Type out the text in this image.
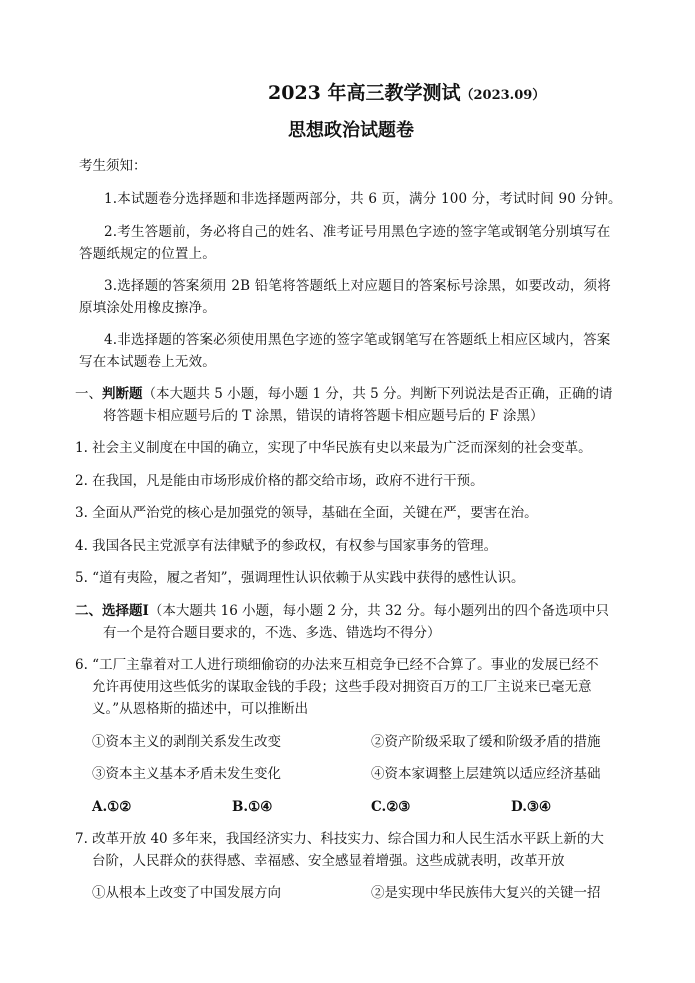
2023 年高三教学测试（2023.09）
思想政治试题卷
考生须知：
1.本试题卷分选择题和非选择题两部分，共 6 页，满分 100 分，考试时间 90 分钟。
2.考生答题前，务必将自己的姓名、准考证号用黑色字迹的签字笔或钢笔分别填写在
答题纸规定的位置上。
3.选择题的答案须用 2B 铅笔将答题纸上对应题目的答案标号涂黑，如要改动，须将
原填涂处用橡皮擦净。
4.非选择题的答案必须使用黑色字迹的签字笔或钢笔写在答题纸上相应区域内，答案
写在本试题卷上无效。
一、判断题（本大题共 5 小题，每小题 1 分，共 5 分。判断下列说法是否正确，正确的请
将答题卡相应题号后的 T 涂黑，错误的请将答题卡相应题号后的 F 涂黑）
1. 社会主义制度在中国的确立，实现了中华民族有史以来最为广泛而深刻的社会变革。
2. 在我国，凡是能由市场形成价格的都交给市场，政府不进行干预。
3. 全面从严治党的核心是加强党的领导，基础在全面，关键在严，要害在治。
4. 我国各民主党派享有法律赋予的参政权，有权参与国家事务的管理。
5. “道有夷险，履之者知”，强调理性认识依赖于从实践中获得的感性认识。
二、选择题Ⅰ（本大题共 16 小题，每小题 2 分，共 32 分。每小题列出的四个备选项中只
有一个是符合题目要求的，不选、多选、错选均不得分）
6. “工厂主靠着对工人进行琐细偷窃的办法来互相竞争已经不合算了。事业的发展已经不
允许再使用这些低劣的谋取金钱的手段；这些手段对拥资百万的工厂主说来已毫无意
义。”从恩格斯的描述中，可以推断出
①资本主义的剥削关系发生改变	②资产阶级采取了缓和阶级矛盾的措施
③资本主义基本矛盾未发生变化	④资本家调整上层建筑以适应经济基础
A.①②	B.①④	C.②③	D.③④
7. 改革开放 40 多年来，我国经济实力、科技实力、综合国力和人民生活水平跃上新的大
台阶，人民群众的获得感、幸福感、安全感显着增强。这些成就表明，改革开放
①从根本上改变了中国发展方向	②是实现中华民族伟大复兴的关键一招
